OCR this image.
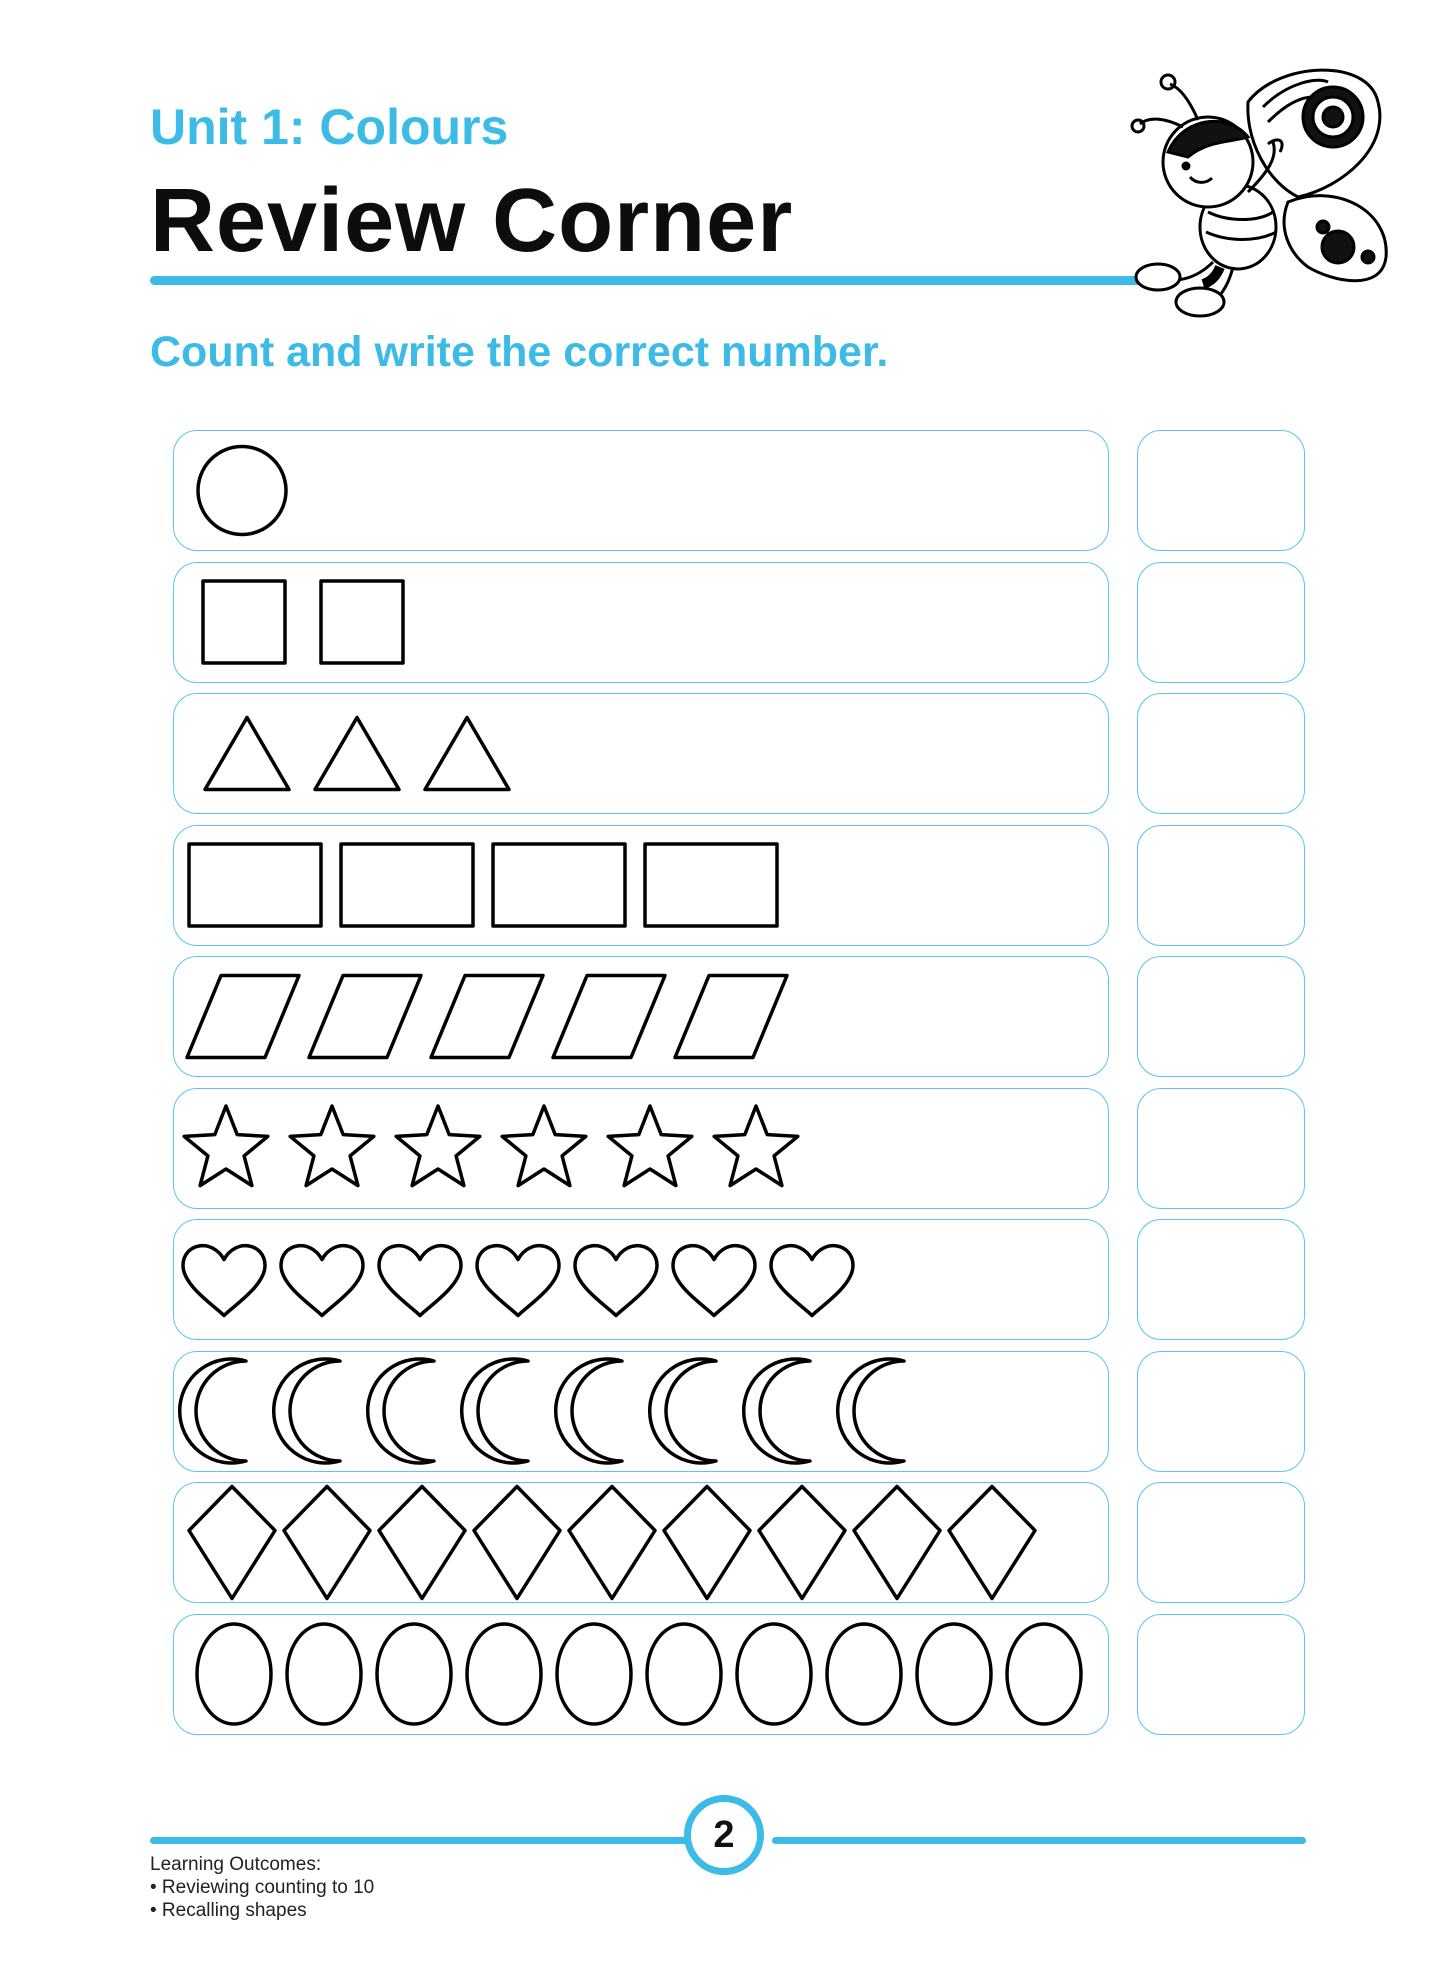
Unit 1: Colours
Review Corner
Count and write the correct number.
2
Learning Outcomes:
• Reviewing counting to 10
• Recalling shapes
